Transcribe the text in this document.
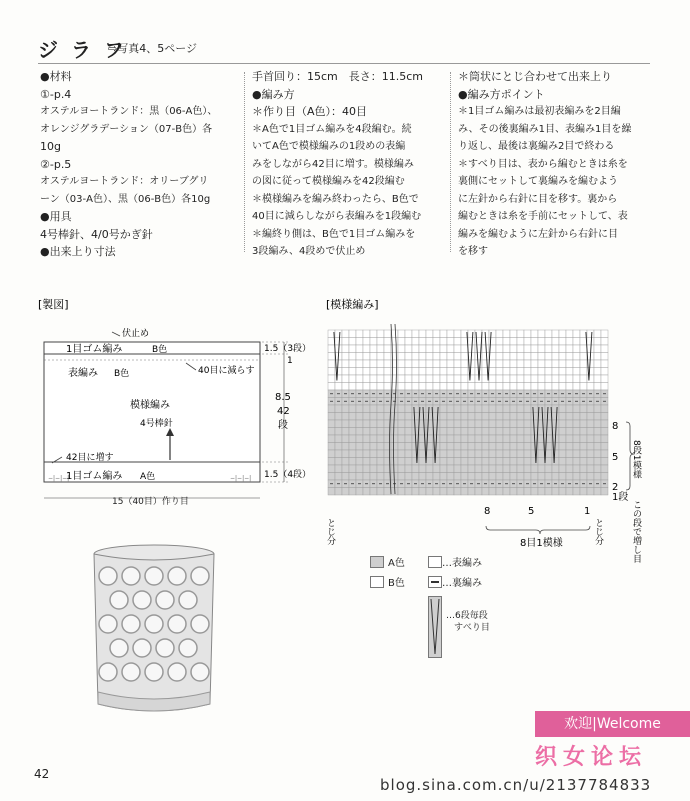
ジ ラ フ
⇨写真4、5ページ
●材料
①-p.4
オステルヨートランド：黒（06-A色）、
オレンジグラデーション（07-B色）各
10g
②-p.5
オステルヨートランド：オリーブグリ
ーン（03-A色）、黒（06-B色）各10g
●用具
4号棒針、4/0号かぎ針
●出来上り寸法
手首回り：15cm　長さ：11.5cm
●編み方
＊作り目（A色）：40目
＊A色で1目ゴム編みを4段編む。続
いてA色で模様編みの1段めの表編
みをしながら42目に増す。模様編み
の図に従って模様編みを42段編む
＊模様編みを編み終わったら、B色で
40目に減らしながら表編みを1段編む
＊編終り側は、B色で1目ゴム編みを
3段編み、4段めで伏止め
＊筒状にとじ合わせて出来上り
●編み方ポイント
＊1目ゴム編みは最初表編みを2目編
み、その後裏編み1目、表編み1目を繰
り返し、最後は裏編み2目で終わる
＊すべり目は、表から編むときは糸を
裏側にセットして裏編みを編むよう
に左針から右針に目を移す。裏から
編むときは糸を手前にセットして、表
編みを編むように左針から右針に目
を移す
[製図]
伏止め
1目ゴム編み	B色
40目に減らす
表編み B色
模様編み
4号棒針
42目に増す
1目ゴム編み A色
−|−|−|	−|−|−|
1.5（3段）
1
8.5
42
段
1.5（4段）
15（40目）作り目
[模様編み]
8
5
2
1段
8	5	1
8目1模様
8段1模様
とじ分	とじ分	この段で増し目
A色	…表編み
B色	…裏編み
…6段毎段
すべり目
42
欢迎|Welcome
织女论坛
blog.sina.com.cn/u/2137784833
